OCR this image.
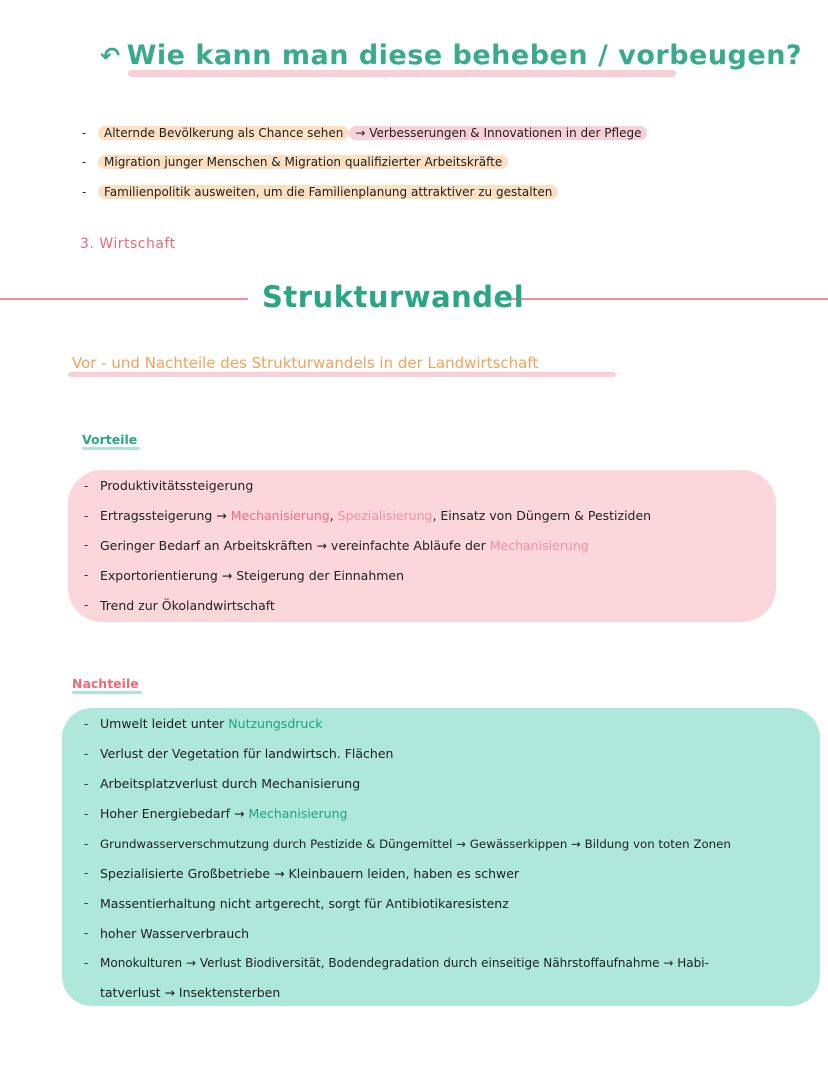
↶ Wie kann man diese beheben / vorbeugen?
-	Alternde Bevölkerung als Chance sehen	→ Verbesserungen & Innovationen in der Pflege
-	Migration junger Menschen & Migration qualifizierter Arbeitskräfte
-	Familienpolitik ausweiten, um die Familienplanung attraktiver zu gestalten
3. Wirtschaft
Strukturwandel
Vor - und Nachteile des Strukturwandels in der Landwirtschaft
Vorteile
- Produktivitätssteigerung
- Ertragssteigerung →
Mechanisierung ,
Spezialisierung , Einsatz von Düngern & Pestiziden
- Geringer Bedarf an Arbeitskräften → vereinfachte Abläufe der
Mechanisierung
- Exportorientierung → Steigerung der Einnahmen
- Trend zur Ökolandwirtschaft
Nachteile
- Umwelt leidet unter
Nutzungsdruck
- Verlust der Vegetation für landwirtsch. Flächen
- Arbeitsplatzverlust durch Mechanisierung
- Hoher Energiebedarf →
Mechanisierung
- Grundwasserverschmutzung durch Pestizide & Düngemittel → Gewässerkippen → Bildung von toten Zonen
- Spezialisierte Großbetriebe → Kleinbauern leiden, haben es schwer
- Massentierhaltung nicht artgerecht, sorgt für Antibiotikaresistenz
- hoher Wasserverbrauch
- Monokulturen → Verlust Biodiversität, Bodendegradation durch einseitige Nährstoffaufnahme → Habi-
tatverlust → Insektensterben
